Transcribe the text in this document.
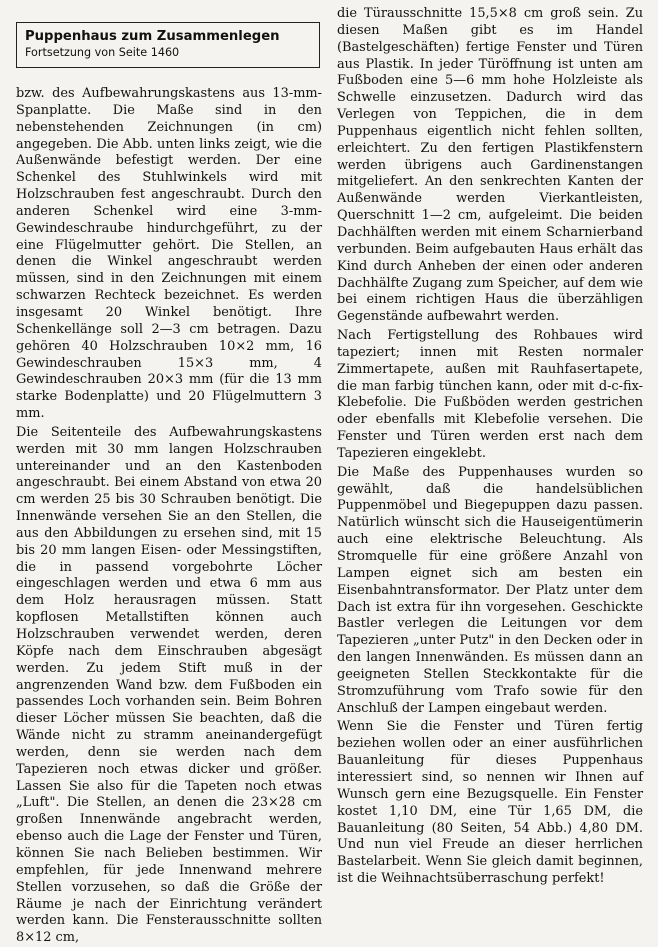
Puppenhaus zum Zusammenlegen
Fortsetzung von Seite 1460

bzw. des Aufbewahrungskastens aus 13-mm-Spanplatte. Die Maße sind in den nebenstehenden Zeichnungen (in cm) angegeben. Die Abb. unten links zeigt, wie die Außenwände befestigt werden. Der eine Schenkel des Stuhlwinkels wird mit Holzschrauben fest angeschraubt. Durch den anderen Schenkel wird eine 3-mm-Gewindeschraube hindurchgeführt, zu der eine Flügelmutter gehört. Die Stellen, an denen die Winkel angeschraubt werden müssen, sind in den Zeichnungen mit einem schwarzen Rechteck bezeichnet. Es werden insgesamt 20 Winkel benötigt. Ihre Schenkellänge soll 2—3 cm betragen. Dazu gehören 40 Holzschrauben 10×2 mm, 16 Gewindeschrauben 15×3 mm, 4 Gewindeschrauben 20×3 mm (für die 13 mm starke Bodenplatte) und 20 Flügelmuttern 3 mm.

Die Seitenteile des Aufbewahrungskastens werden mit 30 mm langen Holzschrauben untereinander und an den Kastenboden angeschraubt. Bei einem Abstand von etwa 20 cm werden 25 bis 30 Schrauben benötigt. Die Innenwände versehen Sie an den Stellen, die aus den Abbildungen zu ersehen sind, mit 15 bis 20 mm langen Eisen- oder Messingstiften, die in passend vorgebohrte Löcher eingeschlagen werden und etwa 6 mm aus dem Holz herausragen müssen. Statt kopflosen Metallstiften können auch Holzschrauben verwendet werden, deren Köpfe nach dem Einschrauben abgesägt werden. Zu jedem Stift muß in der angrenzenden Wand bzw. dem Fußboden ein passendes Loch vorhanden sein. Beim Bohren dieser Löcher müssen Sie beachten, daß die Wände nicht zu stramm aneinandergefügt werden, denn sie werden nach dem Tapezieren noch etwas dicker und größer. Lassen Sie also für die Tapeten noch etwas „Luft". Die Stellen, an denen die 23×28 cm großen Innenwände angebracht werden, ebenso auch die Lage der Fenster und Türen, können Sie nach Belieben bestimmen. Wir empfehlen, für jede Innenwand mehrere Stellen vorzusehen, so daß die Größe der Räume je nach der Einrichtung verändert werden kann. Die Fensterausschnitte sollten 8×12 cm,

die Türausschnitte 15,5×8 cm groß sein. Zu diesen Maßen gibt es im Handel (Bastelgeschäften) fertige Fenster und Türen aus Plastik. In jeder Türöffnung ist unten am Fußboden eine 5—6 mm hohe Holzleiste als Schwelle einzusetzen. Dadurch wird das Verlegen von Teppichen, die in dem Puppenhaus eigentlich nicht fehlen sollten, erleichtert. Zu den fertigen Plastikfenstern werden übrigens auch Gardinenstangen mitgeliefert. An den senkrechten Kanten der Außenwände werden Vierkantleisten, Querschnitt 1—2 cm, aufgeleimt. Die beiden Dachhälften werden mit einem Scharnierband verbunden. Beim aufgebauten Haus erhält das Kind durch Anheben der einen oder anderen Dachhälfte Zugang zum Speicher, auf dem wie bei einem richtigen Haus die überzähligen Gegenstände aufbewahrt werden.

Nach Fertigstellung des Rohbaues wird tapeziert; innen mit Resten normaler Zimmertapete, außen mit Rauhfasertapete, die man farbig tünchen kann, oder mit d-c-fix-Klebefolie. Die Fußböden werden gestrichen oder ebenfalls mit Klebefolie versehen. Die Fenster und Türen werden erst nach dem Tapezieren eingeklebt.

Die Maße des Puppenhauses wurden so gewählt, daß die handelsüblichen Puppenmöbel und Biegepuppen dazu passen. Natürlich wünscht sich die Hauseigentümerin auch eine elektrische Beleuchtung. Als Stromquelle für eine größere Anzahl von Lampen eignet sich am besten ein Eisenbahntransformator. Der Platz unter dem Dach ist extra für ihn vorgesehen. Geschickte Bastler verlegen die Leitungen vor dem Tapezieren „unter Putz" in den Decken oder in den langen Innenwänden. Es müssen dann an geeigneten Stellen Steckkontakte für die Stromzuführung vom Trafo sowie für den Anschluß der Lampen eingebaut werden.

Wenn Sie die Fenster und Türen fertig beziehen wollen oder an einer ausführlichen Bauanleitung für dieses Puppenhaus interessiert sind, so nennen wir Ihnen auf Wunsch gern eine Bezugsquelle. Ein Fenster kostet 1,10 DM, eine Tür 1,65 DM, die Bauanleitung (80 Seiten, 54 Abb.) 4,80 DM. Und nun viel Freude an dieser herrlichen Bastelarbeit. Wenn Sie gleich damit beginnen, ist die Weihnachtsüberraschung perfekt!
